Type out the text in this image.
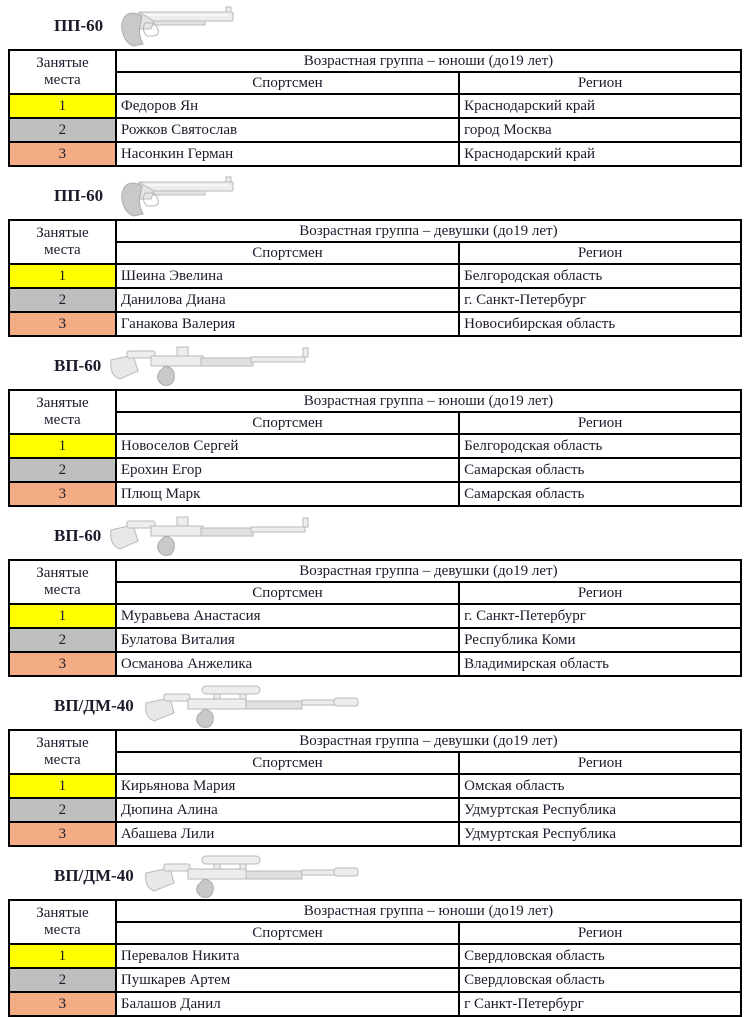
ПП-60
Занятые
места	Возрастная группа – юноши (до19 лет)	
	Спортсмен	Регион
1	Федоров Ян	Краснодарский край
2	Рожков Святослав	город Москва
3	Насонкин Герман	Краснодарский край
ПП-60
Занятые
места	Возрастная группа – девушки (до19 лет)	
	Спортсмен	Регион
1	Шеина Эвелина	Белгородская область
2	Данилова Диана	г. Санкт-Петербург
3	Ганакова Валерия	Новосибирская область
ВП-60
Занятые
места	Возрастная группа – юноши (до19 лет)	
	Спортсмен	Регион
1	Новоселов Сергей	Белгородская область
2	Ерохин Егор	Самарская область
3	Плющ Марк	Самарская область
ВП-60
Занятые
места	Возрастная группа – девушки (до19 лет)	
	Спортсмен	Регион
1	Муравьева Анастасия	г. Санкт-Петербург
2	Булатова Виталия	Республика Коми
3	Османова Анжелика	Владимирская область
ВП/ДМ-40
Занятые
места	Возрастная группа – девушки (до19 лет)	
	Спортсмен	Регион
1	Кирьянова Мария	Омская область
2	Дюпина Алина	Удмуртская Республика
3	Абашева Лили	Удмуртская Республика
ВП/ДМ-40
Занятые
места	Возрастная группа – юноши (до19 лет)	
	Спортсмен	Регион
1	Перевалов Никита	Свердловская область
2	Пушкарев Артем	Свердловская область
3	Балашов Данил	г Санкт-Петербург
